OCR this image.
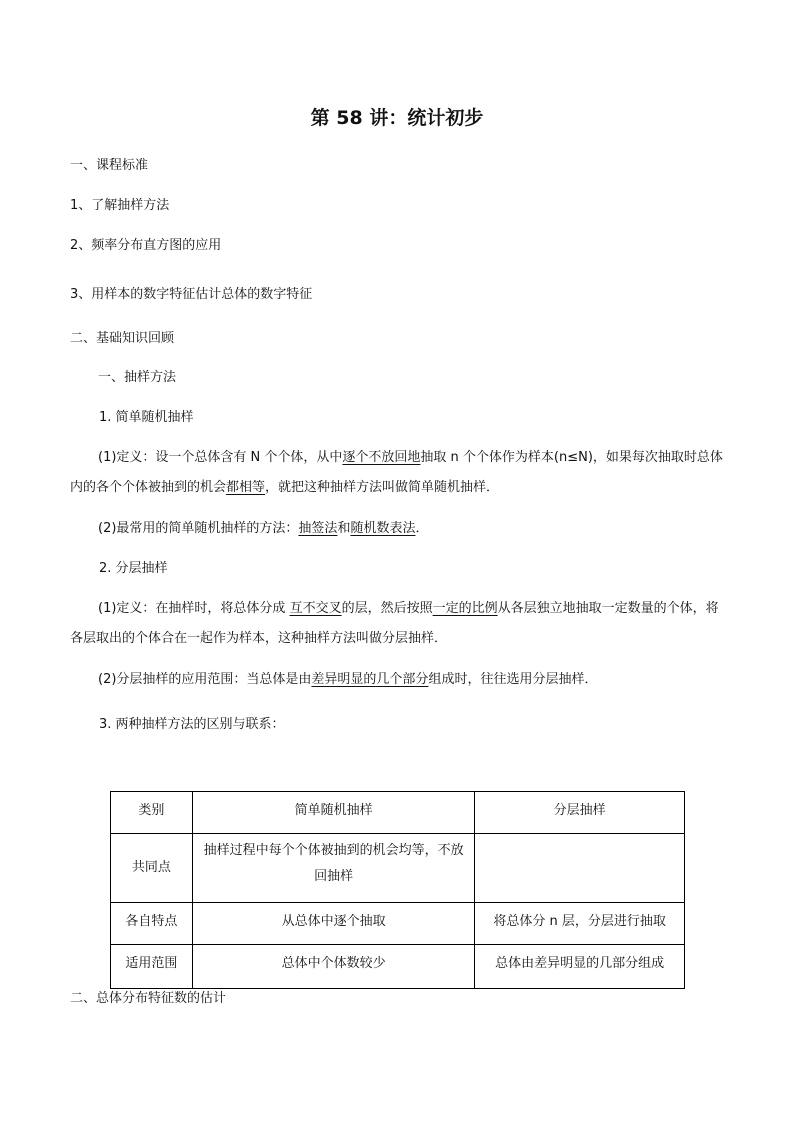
第 58 讲：统计初步
一、课程标准
1、了解抽样方法
2、频率分布直方图的应用
3、用样本的数字特征估计总体的数字特征
二、基础知识回顾
一、抽样方法
1. 简单随机抽样
(1)定义：设一个总体含有 N 个个体，从中逐个不放回地抽取 n 个个体作为样本(n≤N)，如果每次抽取时总体内的各个个体被抽到的机会都相等，就把这种抽样方法叫做简单随机抽样．
(2)最常用的简单随机抽样的方法：抽签法和随机数表法．
2. 分层抽样
(1)定义：在抽样时，将总体分成 互不交叉的层，然后按照一定的比例从各层独立地抽取一定数量的个体，将各层取出的个体合在一起作为样本，这种抽样方法叫做分层抽样．
(2)分层抽样的应用范围：当总体是由差异明显的几个部分组成时，往往选用分层抽样．
3. 两种抽样方法的区别与联系：
类别	简单随机抽样	分层抽样
共同点	抽样过程中每个个体被抽到的机会均等，不放回抽样	
各自特点	从总体中逐个抽取	将总体分 n 层，分层进行抽取
适用范围	总体中个体数较少	总体由差异明显的几部分组成
二、总体分布特征数的估计
